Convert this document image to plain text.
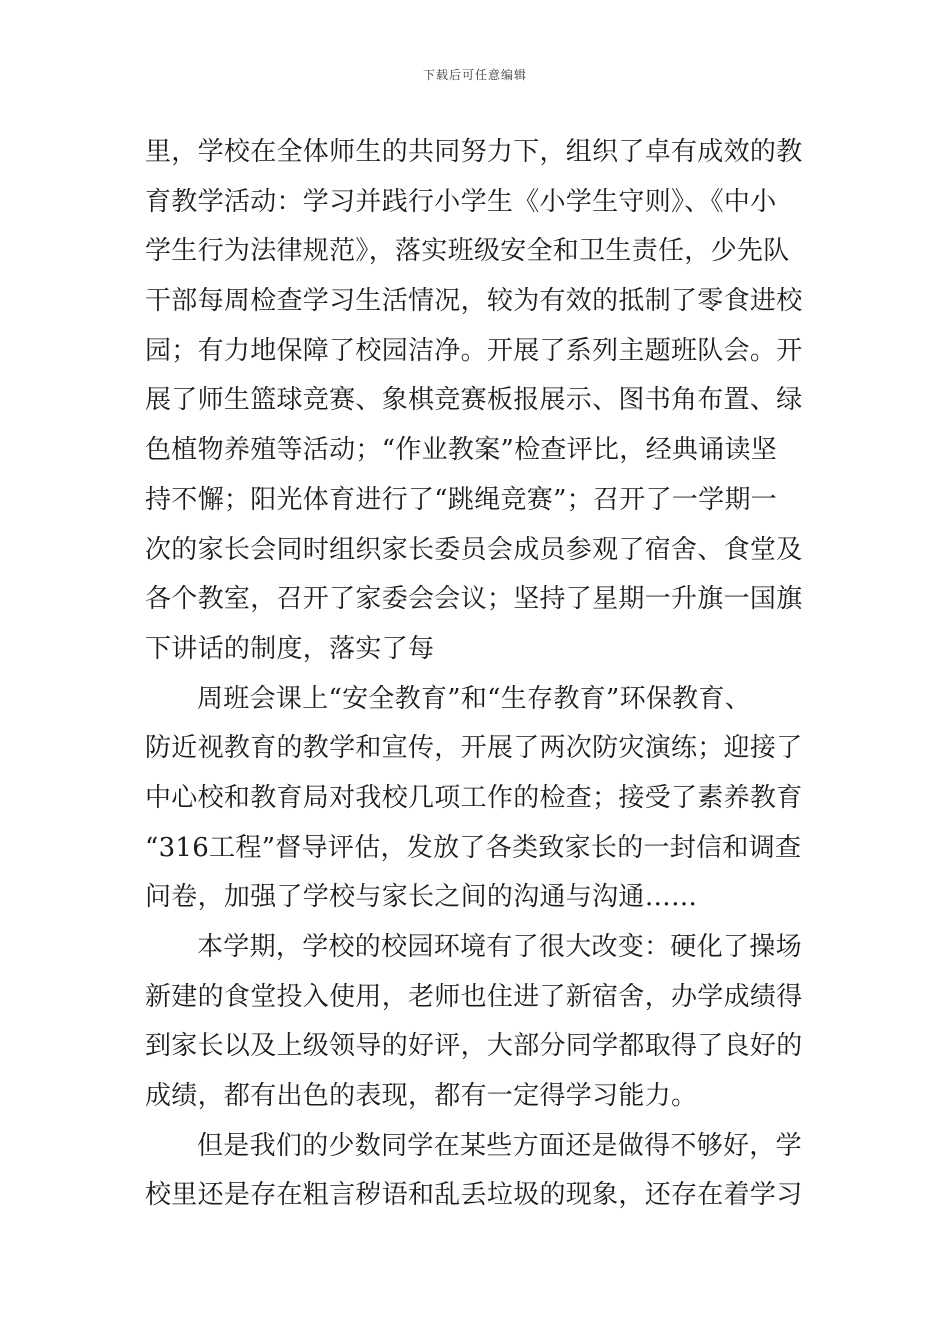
下载后可任意编辑
里，学校在全体师生的共同努力下，组织了卓有成效的教
育教学活动：学习并践行小学生《小学生守则》、《中小
学生行为法律规范》，落实班级安全和卫生责任，少先队
干部每周检查学习生活情况，较为有效的抵制了零食进校
园；有力地保障了校园洁净。开展了系列主题班队会。开
展了师生篮球竞赛、象棋竞赛板报展示、图书角布置、绿
色植物养殖等活动；“作业教案”检查评比，经典诵读坚
持不懈；阳光体育进行了“跳绳竞赛”；召开了一学期一
次的家长会同时组织家长委员会成员参观了宿舍、食堂及
各个教室，召开了家委会会议；坚持了星期一升旗一国旗
下讲话的制度，落实了每
周班会课上“安全教育”和“生存教育”环保教育、
防近视教育的教学和宣传，开展了两次防灾演练；迎接了
中心校和教育局对我校几项工作的检查；接受了素养教育
“316工程”督导评估，发放了各类致家长的一封信和调查
问卷，加强了学校与家长之间的沟通与沟通……
本学期，学校的校园环境有了很大改变：硬化了操场
新建的食堂投入使用，老师也住进了新宿舍，办学成绩得
到家长以及上级领导的好评，大部分同学都取得了良好的
成绩，都有出色的表现，都有一定得学习能力。
但是我们的少数同学在某些方面还是做得不够好，学
校里还是存在粗言秽语和乱丢垃圾的现象，还存在着学习
